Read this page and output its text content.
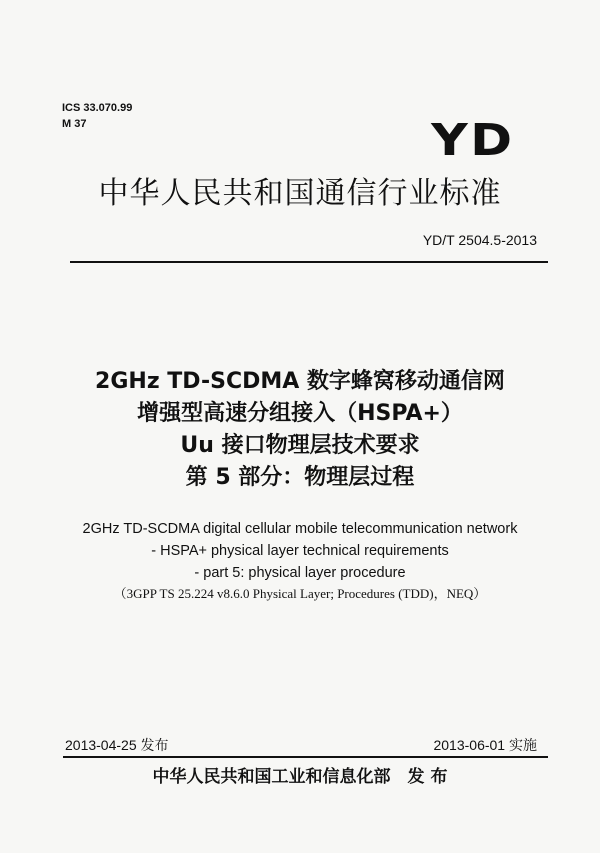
ICS 33.070.99
M 37	YD
中华人民共和国通信行业标准
YD/T 2504.5-2013
2GHz TD-SCDMA 数字蜂窝移动通信网
增强型高速分组接入（HSPA+）
Uu 接口物理层技术要求
第 5 部分：物理层过程
2GHz TD-SCDMA digital cellular mobile telecommunication network
- HSPA+ physical layer technical requirements
- part 5: physical layer procedure
（3GPP TS 25.224 v8.6.0 Physical Layer; Procedures (TDD)，NEQ）
2013-04-25 发布	2013-06-01 实施
中华人民共和国工业和信息化部　发 布
